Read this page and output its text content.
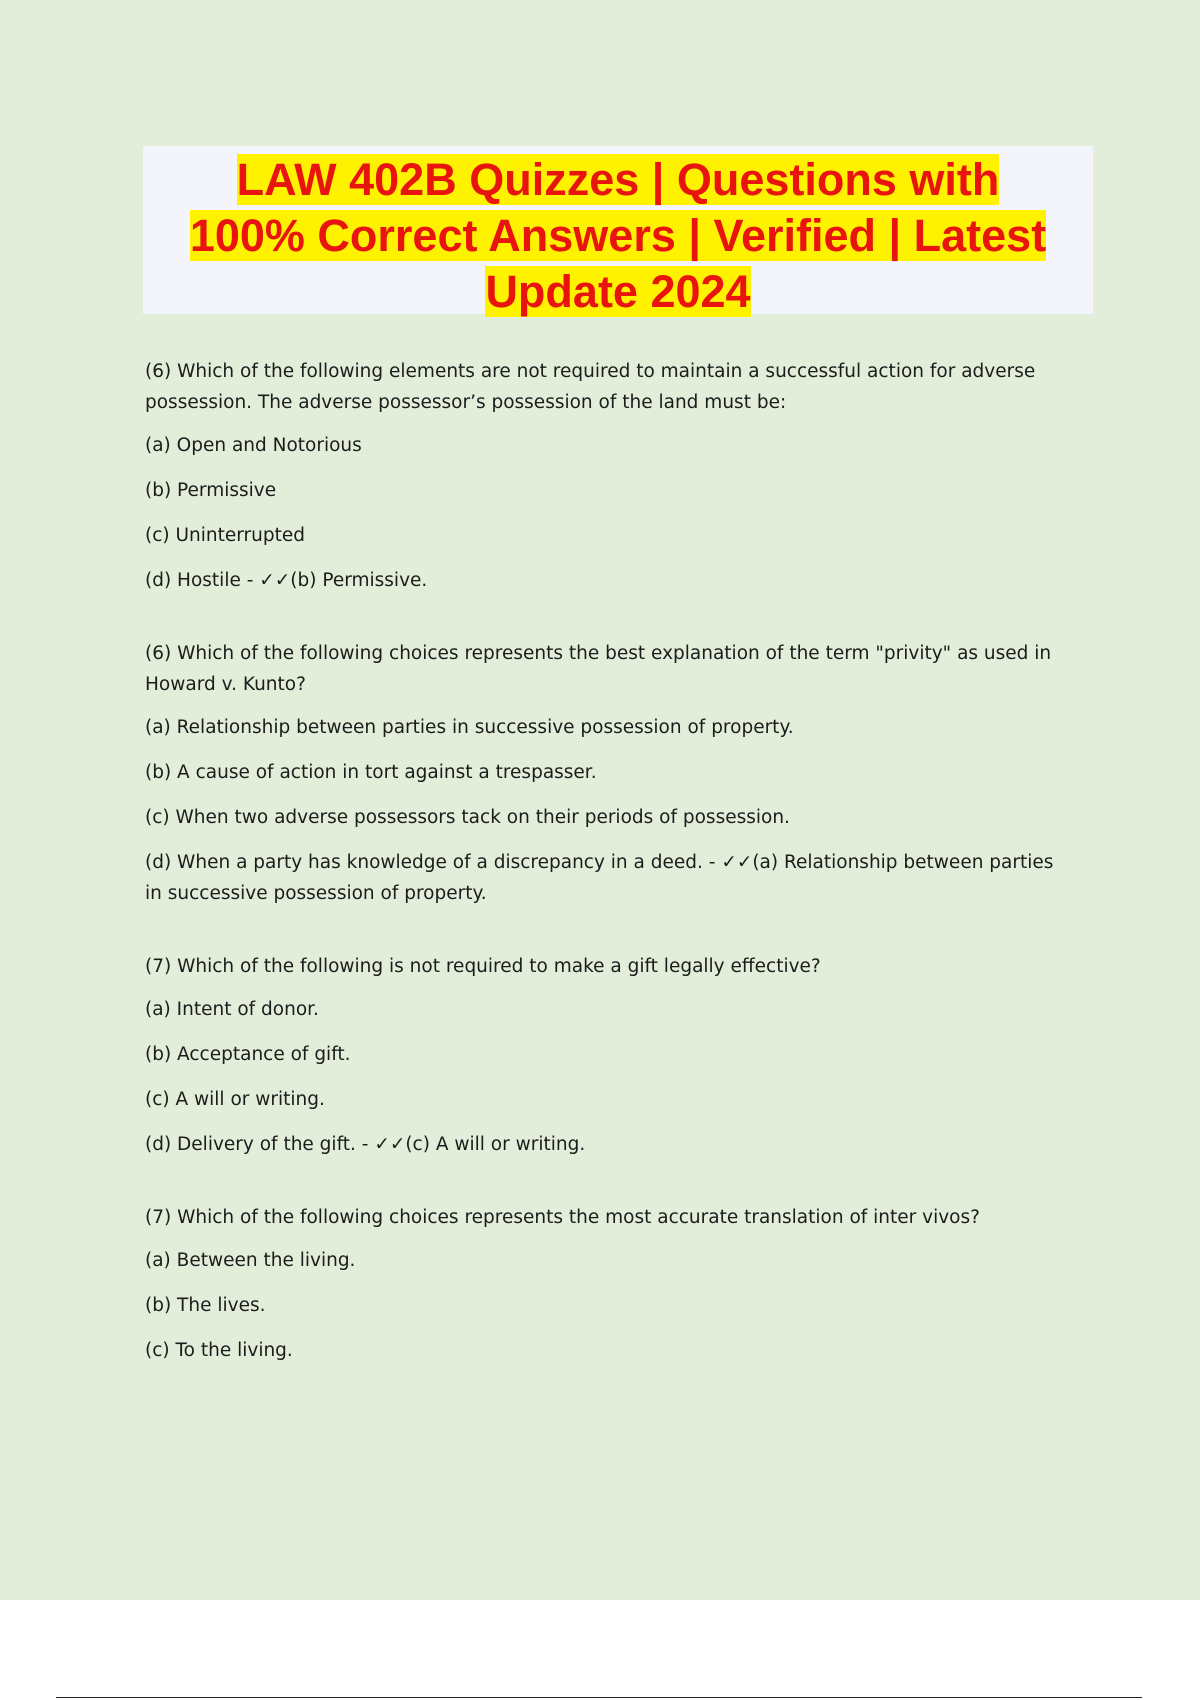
LAW 402B Quizzes | Questions with
100% Correct Answers | Verified | Latest
Update 2024
(6) Which of the following elements are not required to maintain a successful action for adverse possession. The adverse possessor’s possession of the land must be:
(a) Open and Notorious
(b) Permissive
(c) Uninterrupted
(d) Hostile - ✓✓(b) Permissive.
(6) Which of the following choices represents the best explanation of the term "privity" as used in Howard v. Kunto?
(a) Relationship between parties in successive possession of property.
(b) A cause of action in tort against a trespasser.
(c) When two adverse possessors tack on their periods of possession.
(d) When a party has knowledge of a discrepancy in a deed. - ✓✓(a) Relationship between parties in successive possession of property.
(7) Which of the following is not required to make a gift legally effective?
(a) Intent of donor.
(b) Acceptance of gift.
(c) A will or writing.
(d) Delivery of the gift. - ✓✓(c) A will or writing.
(7) Which of the following choices represents the most accurate translation of inter vivos?
(a) Between the living.
(b) The lives.
(c) To the living.
